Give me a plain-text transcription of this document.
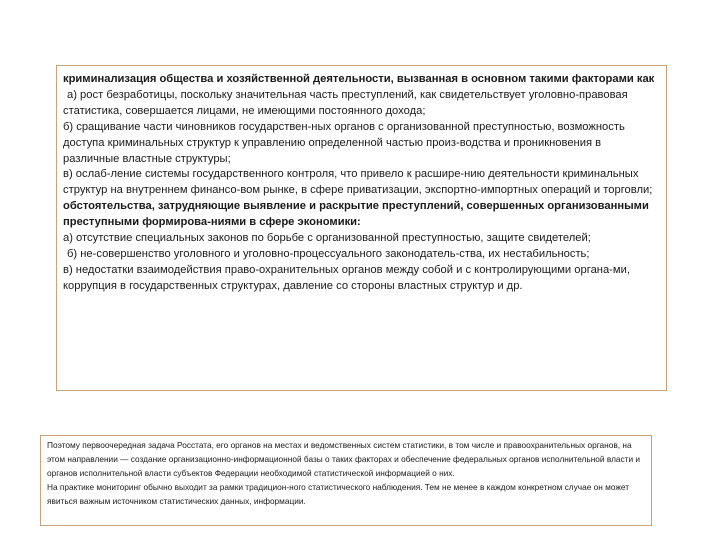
криминализация общества и хозяйственной деятельности, вызванная в основном такими факторами как

а) рост безработицы, поскольку значительная часть преступлений, как свидетельствует уголовно-правовая статистика, совершается лицами, не имеющими постоянного дохода;

б) сращивание части чиновников государствен-ных органов с организованной преступностью, возможность доступа криминальных структур к управлению определенной частью произ-водства и проникновения в различные властные структуры;

в) ослаб-ление системы государственного контроля, что привело к расшире-нию деятельности криминальных структур на внутреннем финансо-вом рынке, в сфере приватизации, экспортно-импортных операций и торговли;

обстоятельства, затрудняющие выявление и раскрытие преступлений, совершенных организованными преступными формирова-ниями в сфере экономики:

а) отсутствие специальных законов по борьбе с организованной преступностью, защите свидетелей;

б) не-совершенство уголовного и уголовно-процессуального законодатель-ства, их нестабильность;

в) недостатки взаимодействия право-охранительных органов между собой и с контролирующими органа-ми, коррупция в государственных структурах, давление со стороны властных структур и др.

Поэтому первоочередная задача Росстата, его органов на местах и ведомственных систем статистики, в том числе и правоохранительных органов, на этом направлении — создание организационно-информационной базы о таких факторах и обеспечение федеральных органов исполнительной власти и органов исполнительной власти субъектов Федерации необходимой статистической информацией о них.

На практике мониторинг обычно выходит за рамки традицион-ного статистического наблюдения. Тем не менее в каждом конкретном случае он может явиться важным источником статистических данных, информации.
